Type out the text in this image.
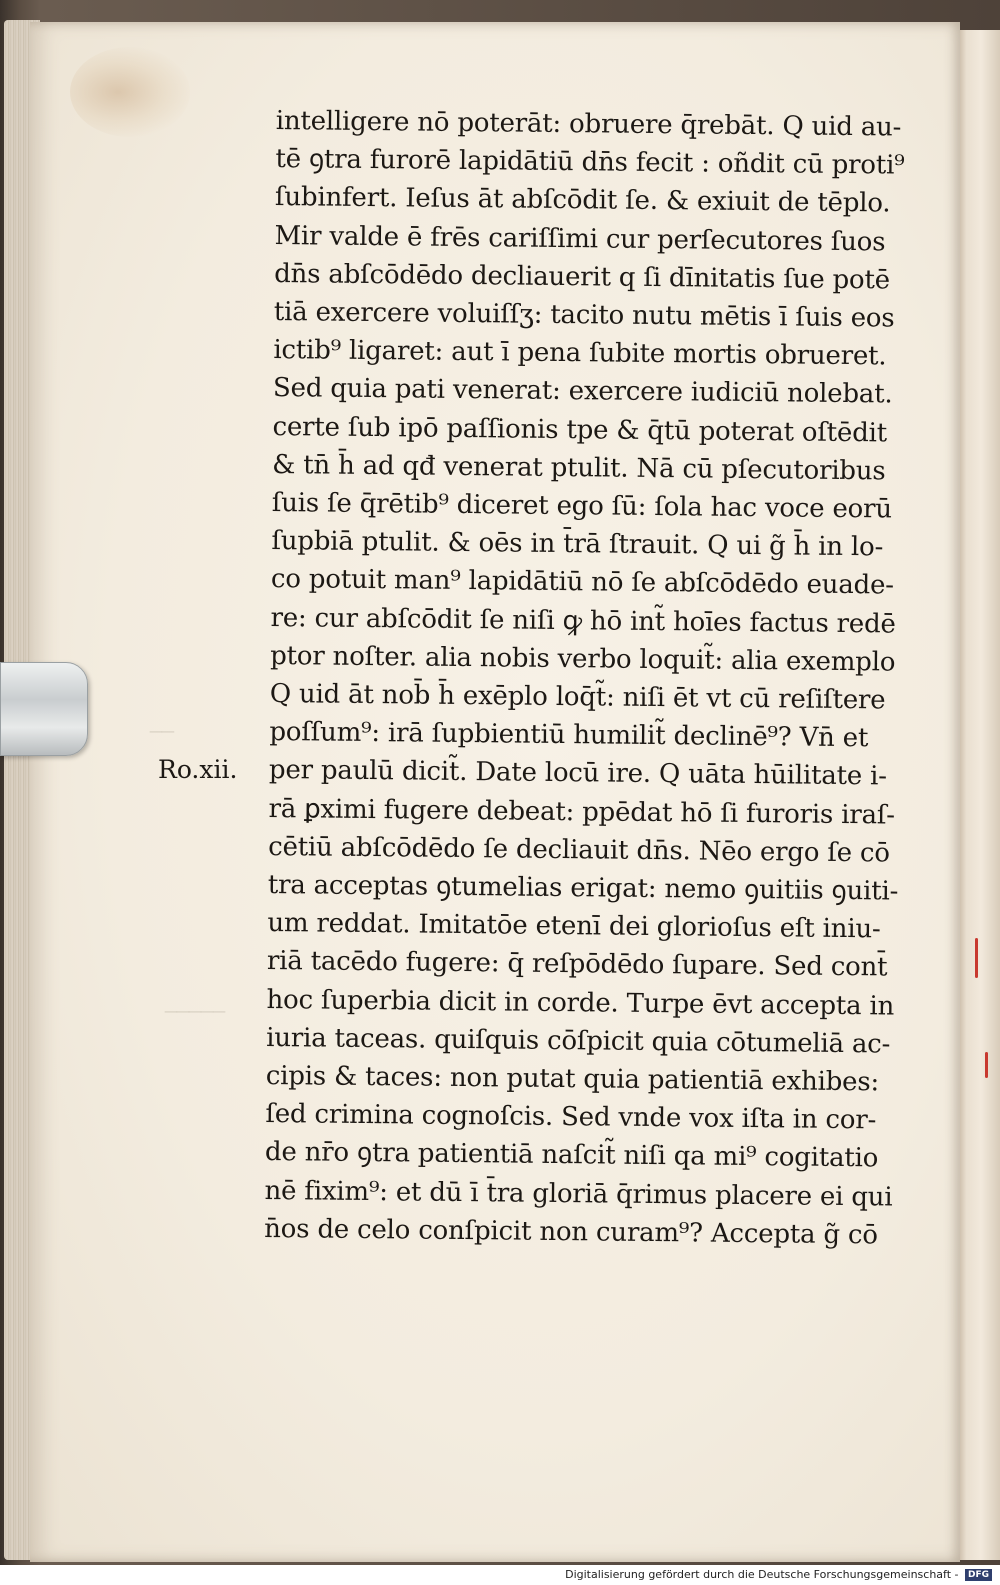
──
─────
Ro.xii.
intelligere nō poterāt: obruere q̄rebāt. Q uid au-
tē ꝯtra furorē lapidātiū dn̄s fecit : oñdit cū proti⁹
ſubinfert. Ieſus āt abſcōdit ſe. & exiuit de tēplo.
Mir valde ē frēs cariſſimi cur perſecutores ſuos
dn̄s abſcōdēdo decliauerit q ſi dīnitatis ſue potē
tiā exercere voluiſſʒ: tacito nutu mētis ī ſuis eos
ictib⁹ ligaret: aut ī pena ſubite mortis obrueret.
Sed quia pati venerat: exercere iudiciū nolebat.
certe ſub ipō paſſionis tpe & q̄tū poterat oſtēdit
& tn̄ h̄ ad qđ venerat ptulit. Nā cū pſecutoribus
ſuis ſe q̄rētib⁹ diceret ego ſū: ſola hac voce eorū
ſupbiā ptulit. & oēs in t̄rā ſtrauit. Q ui g̃ h̄ in lo-
co potuit man⁹ lapidātiū nō ſe abſcōdēdo euade-
re: cur abſcōdit ſe niſi ꝙ hō int̃ hoīes factus redē
ptor noſter. alia nobis verbo loquit̃: alia exemplo
Q uid āt nob̄ h̄ exēplo loq̄t̃: niſi ēt vt cū reſiſtere
poſſum⁹: irā ſupbientiū humilit̃ declinē⁹? Vn̄ et
per paulū dicit̃. Date locū ire. Q uāta hūilitate i-
rā ꝑximi fugere debeat: ppēdat hō ſi furoris iraſ-
cētiū abſcōdēdo ſe decliauit dn̄s. Nēo ergo ſe cō
tra acceptas ꝯtumelias erigat: nemo ꝯuitiis ꝯuiti-
um reddat. Imitatōe etenī dei glorioſus eſt iniu-
riā tacēdo fugere: q̄ reſpōdēdo ſupare. Sed cont̄
hoc ſuperbia dicit in corde. Turpe ēvt accepta in
iuria taceas. quiſquis cōſpicit quia cōtumeliā ac-
cipis & taces: non putat quia patientiā exhibes:
ſed crimina cognoſcis. Sed vnde vox iſta in cor-
de nr̄o ꝯtra patientiā naſcit̃ niſi qa mi⁹ cogitatio
nē fixim⁹: et dū ī t̄ra gloriā q̄rimus placere ei qui
n̄os de celo conſpicit non curam⁹? Accepta g̃ cō
Digitalisierung gefördert durch die Deutsche Forschungsgemeinschaft - DFG
